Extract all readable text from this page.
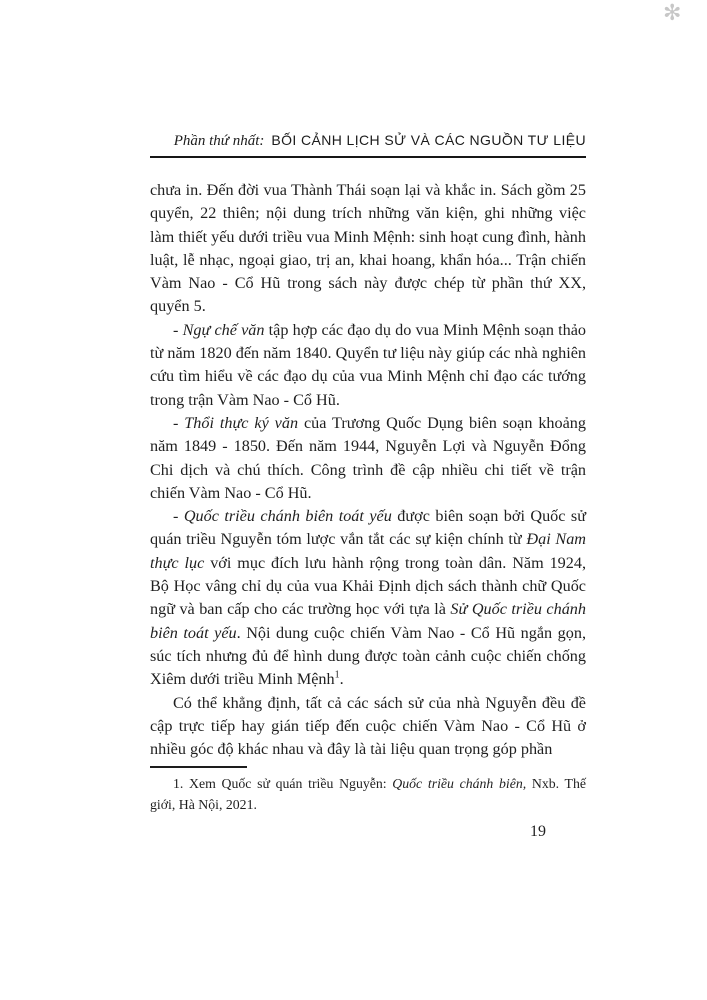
✻
Phần thứ nhất: BỐI CẢNH LỊCH SỬ VÀ CÁC NGUỒN TƯ LIỆU

chưa in. Đến đời vua Thành Thái soạn lại và khắc in. Sách gồm 25 quyển, 22 thiên; nội dung trích những văn kiện, ghi những việc làm thiết yếu dưới triều vua Minh Mệnh: sinh hoạt cung đình, hành luật, lễ nhạc, ngoại giao, trị an, khai hoang, khẩn hóa... Trận chiến Vàm Nao - Cổ Hũ trong sách này được chép từ phần thứ XX, quyển 5.

- Ngự chế văn tập hợp các đạo dụ do vua Minh Mệnh soạn thảo từ năm 1820 đến năm 1840. Quyển tư liệu này giúp các nhà nghiên cứu tìm hiểu về các đạo dụ của vua Minh Mệnh chỉ đạo các tướng trong trận Vàm Nao - Cổ Hũ.

- Thổi thực ký văn của Trương Quốc Dụng biên soạn khoảng năm 1849 - 1850. Đến năm 1944, Nguyễn Lợi và Nguyễn Đổng Chi dịch và chú thích. Công trình đề cập nhiều chi tiết về trận chiến Vàm Nao - Cổ Hũ.

- Quốc triều chánh biên toát yếu được biên soạn bởi Quốc sử quán triều Nguyễn tóm lược vắn tắt các sự kiện chính từ Đại Nam thực lục với mục đích lưu hành rộng trong toàn dân. Năm 1924, Bộ Học vâng chỉ dụ của vua Khải Định dịch sách thành chữ Quốc ngữ và ban cấp cho các trường học với tựa là Sử Quốc triều chánh biên toát yếu. Nội dung cuộc chiến Vàm Nao - Cổ Hũ ngắn gọn, súc tích nhưng đủ để hình dung được toàn cảnh cuộc chiến chống Xiêm dưới triều Minh Mệnh$^1$.

Có thể khẳng định, tất cả các sách sử của nhà Nguyễn đều đề cập trực tiếp hay gián tiếp đến cuộc chiến Vàm Nao - Cổ Hũ ở nhiều góc độ khác nhau và đây là tài liệu quan trọng góp phần

1. Xem Quốc sử quán triều Nguyễn: Quốc triều chánh biên, Nxb. Thế giới, Hà Nội, 2021.
19
